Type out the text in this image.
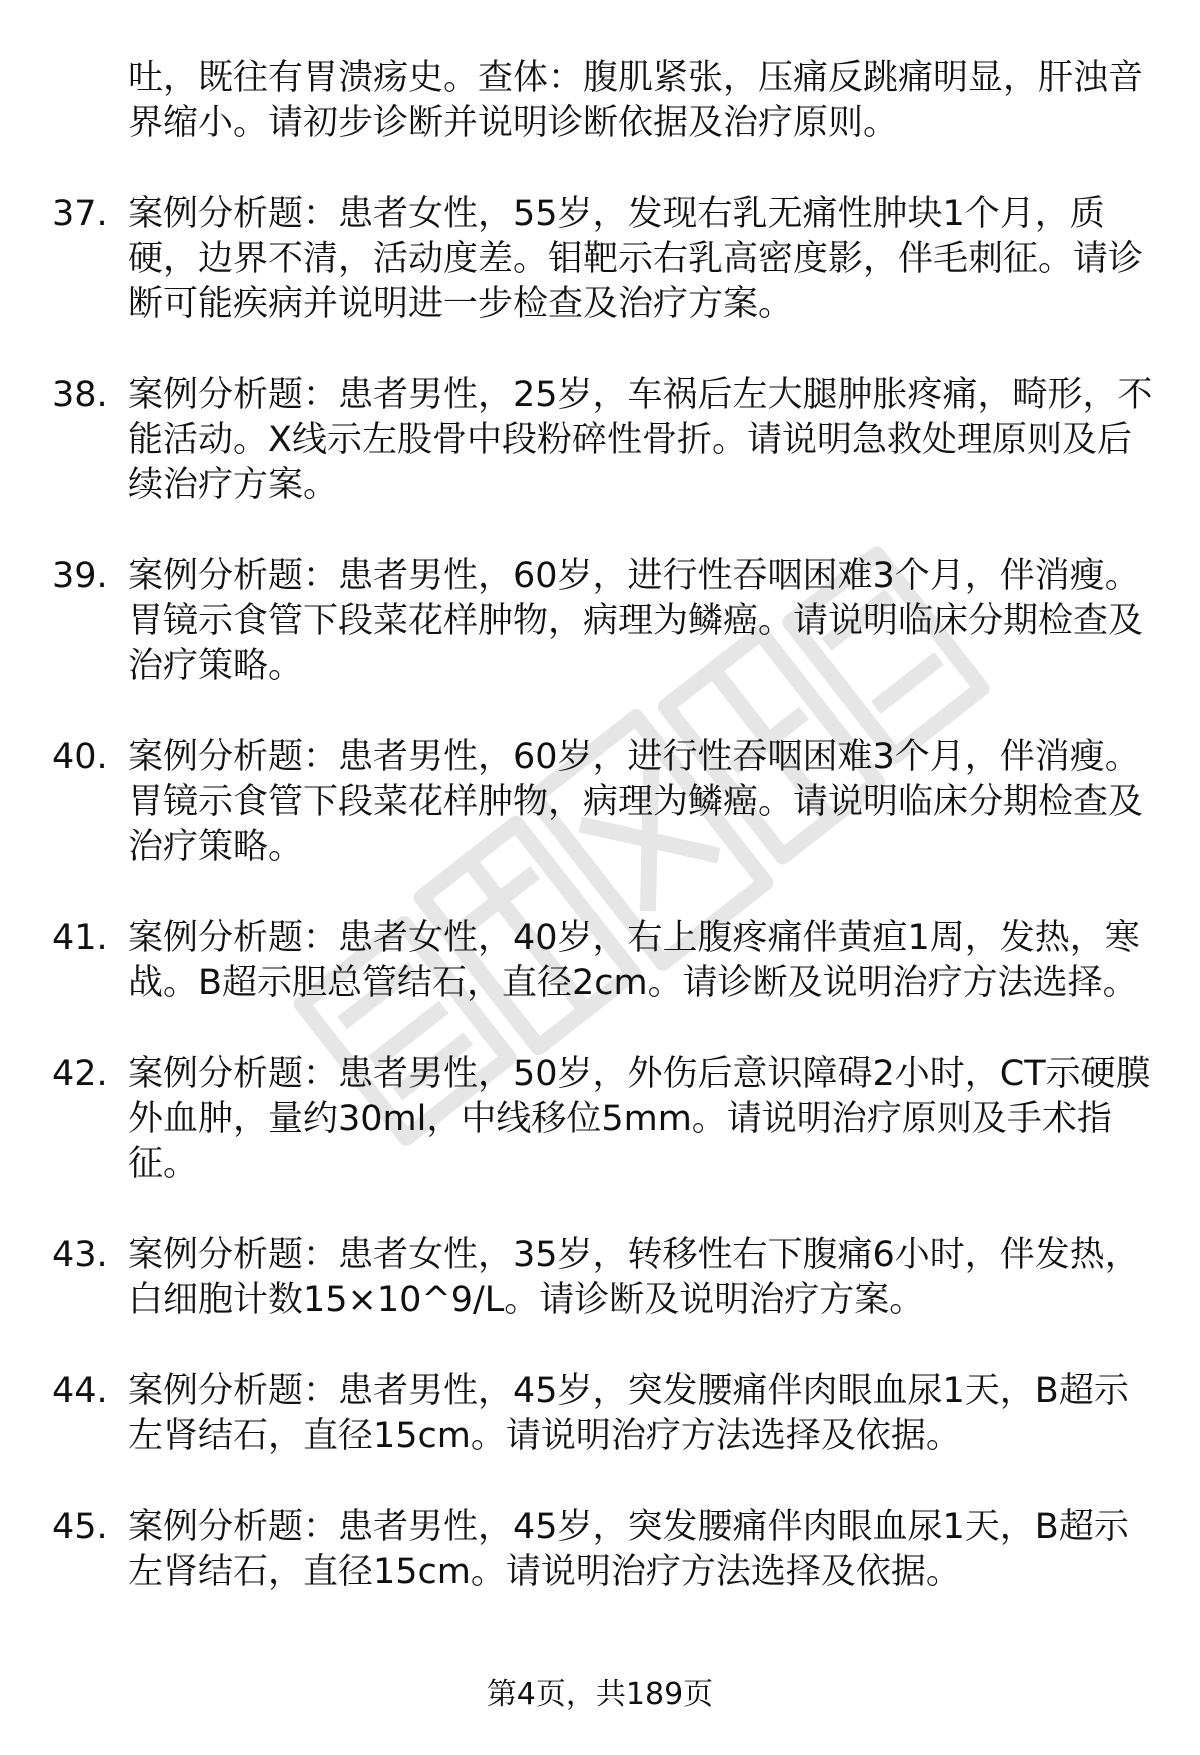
吐，既往有胃溃疡史。查体：腹肌紧张，压痛反跳痛明显，肝浊音界缩小。请初步诊断并说明诊断依据及治疗原则。
37. 案例分析题：患者女性，55岁，发现右乳无痛性肿块1个月，质硬，边界不清，活动度差。钼靶示右乳高密度影，伴毛刺征。请诊断可能疾病并说明进一步检查及治疗方案。
38. 案例分析题：患者男性，25岁，车祸后左大腿肿胀疼痛，畸形，不能活动。X线示左股骨中段粉碎性骨折。请说明急救处理原则及后续治疗方案。
39. 案例分析题：患者男性，60岁，进行性吞咽困难3个月，伴消瘦。胃镜示食管下段菜花样肿物，病理为鳞癌。请说明临床分期检查及治疗策略。
40. 案例分析题：患者男性，60岁，进行性吞咽困难3个月，伴消瘦。胃镜示食管下段菜花样肿物，病理为鳞癌。请说明临床分期检查及治疗策略。
41. 案例分析题：患者女性，40岁，右上腹疼痛伴黄疸1周，发热，寒战。B超示胆总管结石，直径2cm。请诊断及说明治疗方法选择。
42. 案例分析题：患者男性，50岁，外伤后意识障碍2小时，CT示硬膜外血肿，量约30ml，中线移位5mm。请说明治疗原则及手术指征。
43. 案例分析题：患者女性，35岁，转移性右下腹痛6小时，伴发热，白细胞计数15×10^9/L。请诊断及说明治疗方案。
44. 案例分析题：患者男性，45岁，突发腰痛伴肉眼血尿1天，B超示左肾结石，直径15cm。请说明治疗方法选择及依据。
45. 案例分析题：患者男性，45岁，突发腰痛伴肉眼血尿1天，B超示左肾结石，直径15cm。请说明治疗方法选择及依据。
第4页，共189页
